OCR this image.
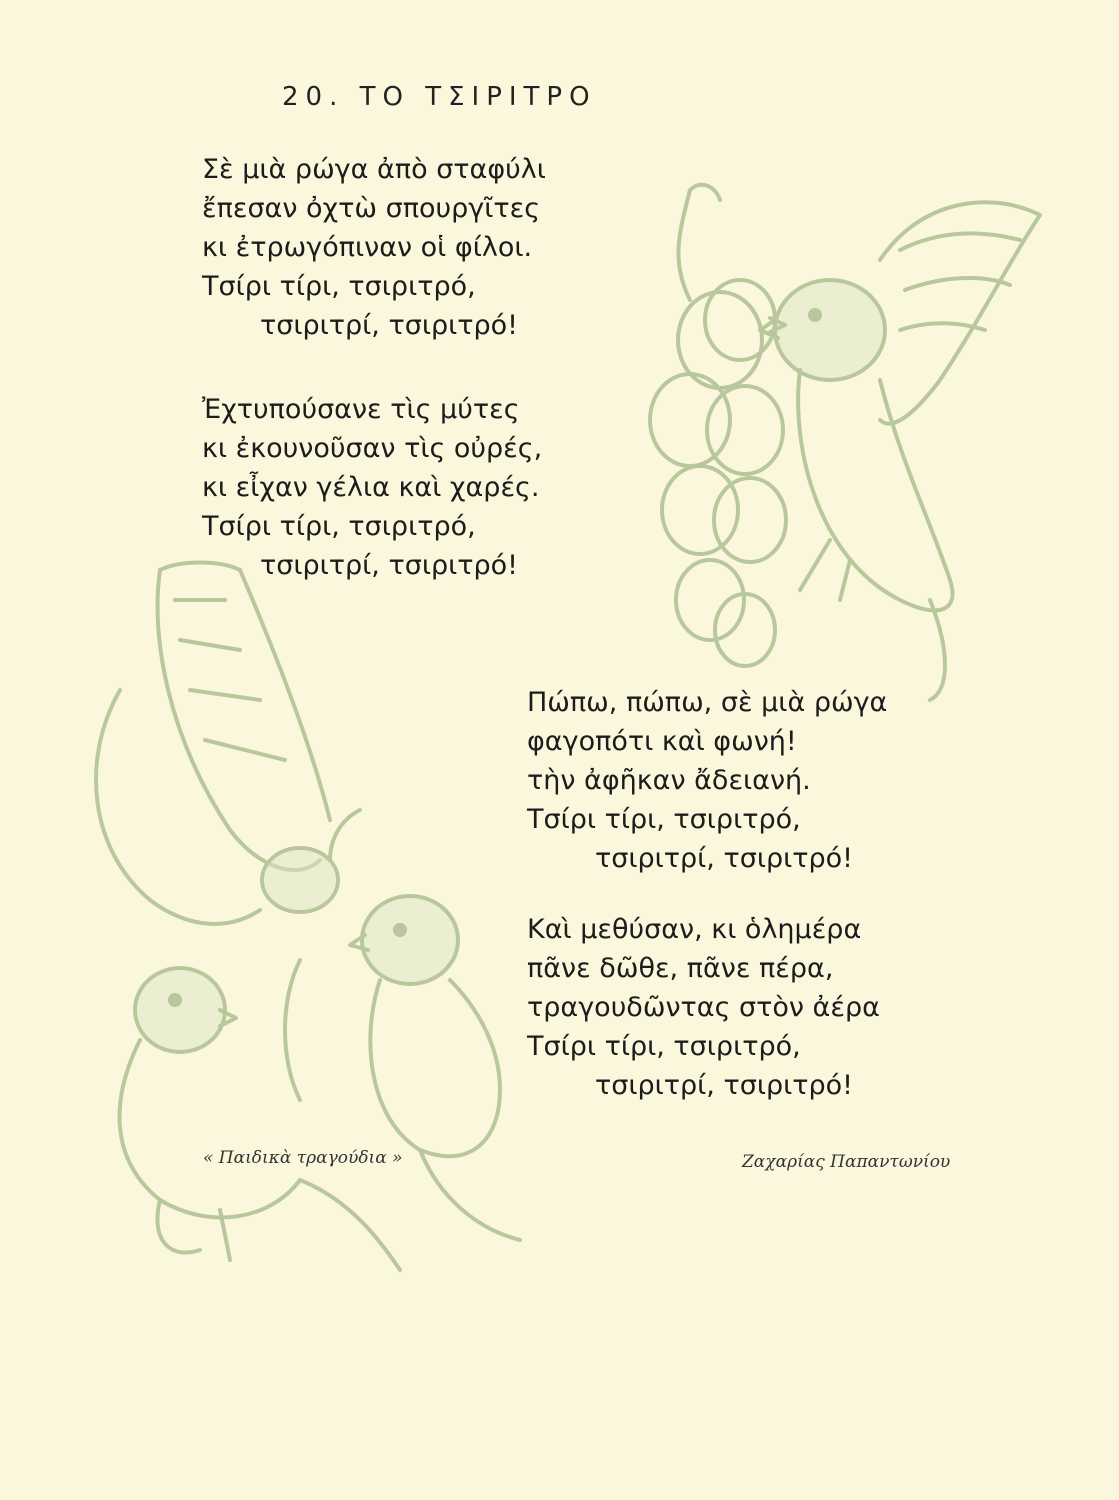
20. ΤΟ ΤΣΙΡΙΤΡΟ
Σὲ μιὰ ρώγα ἀπὸ σταφύλι
ἔπεσαν ὀχτὼ σπουργῖτες
κι ἐτρωγόπιναν οἱ φίλοι.
Τσίρι τίρι, τσιριτρό,
τσιριτρί, τσιριτρό!
Ἐχτυπούσανε τὶς μύτες
κι ἐκουνοῦσαν τὶς οὐρές,
κι εἶχαν γέλια καὶ χαρές.
Τσίρι τίρι, τσιριτρό,
τσιριτρί, τσιριτρό!
Πώπω, πώπω, σὲ μιὰ ρώγα
φαγοπότι καὶ φωνή!
τὴν ἀφῆκαν ἄδειανή.
Τσίρι τίρι, τσιριτρό,
τσιριτρί, τσιριτρό!
Καὶ μεθύσαν, κι ὁλημέρα
πᾶνε δῶθε, πᾶνε πέρα,
τραγουδῶντας στὸν ἀέρα
Τσίρι τίρι, τσιριτρό,
τσιριτρί, τσιριτρό!
« Παιδικὰ τραγούδια »	Ζαχαρίας Παπαντωνίου
